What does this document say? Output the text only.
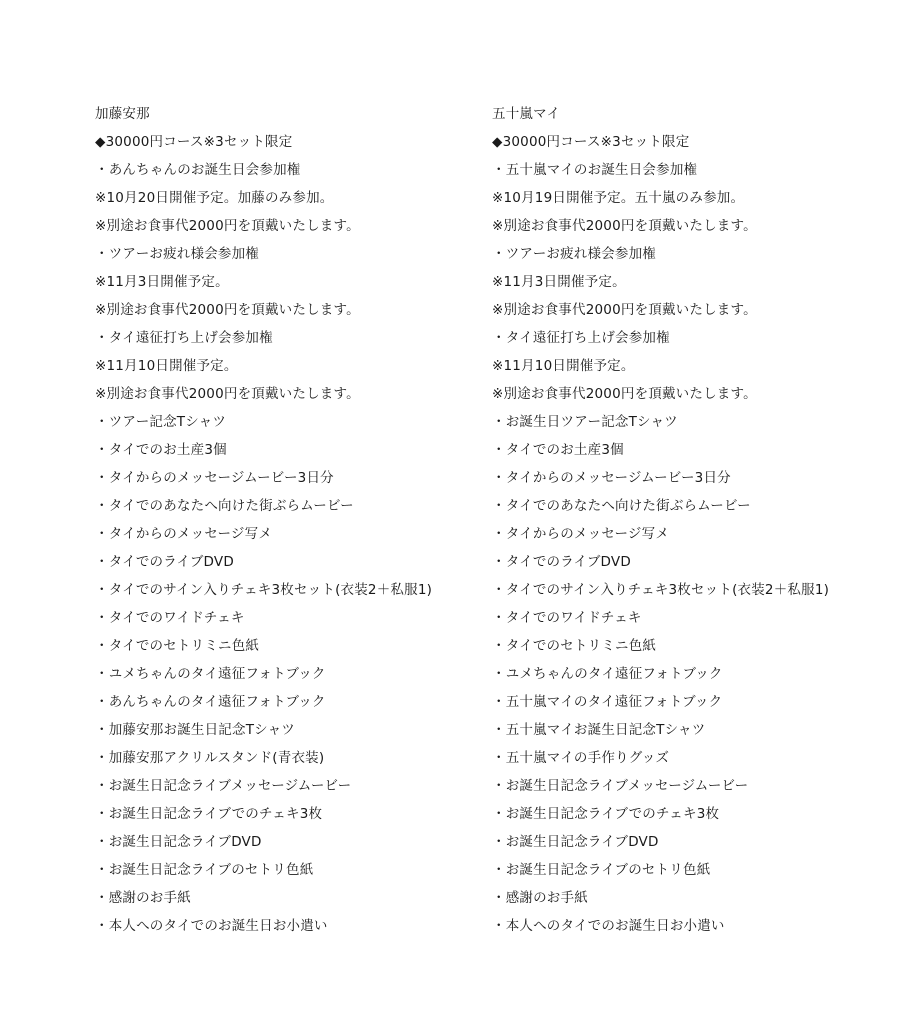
加藤安那
◆30000円コース※3セット限定
・あんちゃんのお誕生日会参加権
※10月20日開催予定。加藤のみ参加。
※別途お食事代2000円を頂戴いたします。
・ツアーお疲れ様会参加権
※11月3日開催予定。
※別途お食事代2000円を頂戴いたします。
・タイ遠征打ち上げ会参加権
※11月10日開催予定。
※別途お食事代2000円を頂戴いたします。
・ツアー記念Tシャツ
・タイでのお土産3個
・タイからのメッセージムービー3日分
・タイでのあなたへ向けた街ぶらムービー
・タイからのメッセージ写メ
・タイでのライブDVD
・タイでのサイン入りチェキ3枚セット(衣装2＋私服1)
・タイでのワイドチェキ
・タイでのセトリミニ色紙
・ユメちゃんのタイ遠征フォトブック
・あんちゃんのタイ遠征フォトブック
・加藤安那お誕生日記念Tシャツ
・加藤安那アクリルスタンド(青衣装)
・お誕生日記念ライブメッセージムービー
・お誕生日記念ライブでのチェキ3枚
・お誕生日記念ライブDVD
・お誕生日記念ライブのセトリ色紙
・感謝のお手紙
・本人へのタイでのお誕生日お小遣い
五十嵐マイ
◆30000円コース※3セット限定
・五十嵐マイのお誕生日会参加権
※10月19日開催予定。五十嵐のみ参加。
※別途お食事代2000円を頂戴いたします。
・ツアーお疲れ様会参加権
※11月3日開催予定。
※別途お食事代2000円を頂戴いたします。
・タイ遠征打ち上げ会参加権
※11月10日開催予定。
※別途お食事代2000円を頂戴いたします。
・お誕生日ツアー記念Tシャツ
・タイでのお土産3個
・タイからのメッセージムービー3日分
・タイでのあなたへ向けた街ぶらムービー
・タイからのメッセージ写メ
・タイでのライブDVD
・タイでのサイン入りチェキ3枚セット(衣装2＋私服1)
・タイでのワイドチェキ
・タイでのセトリミニ色紙
・ユメちゃんのタイ遠征フォトブック
・五十嵐マイのタイ遠征フォトブック
・五十嵐マイお誕生日記念Tシャツ
・五十嵐マイの手作りグッズ
・お誕生日記念ライブメッセージムービー
・お誕生日記念ライブでのチェキ3枚
・お誕生日記念ライブDVD
・お誕生日記念ライブのセトリ色紙
・感謝のお手紙
・本人へのタイでのお誕生日お小遣い
